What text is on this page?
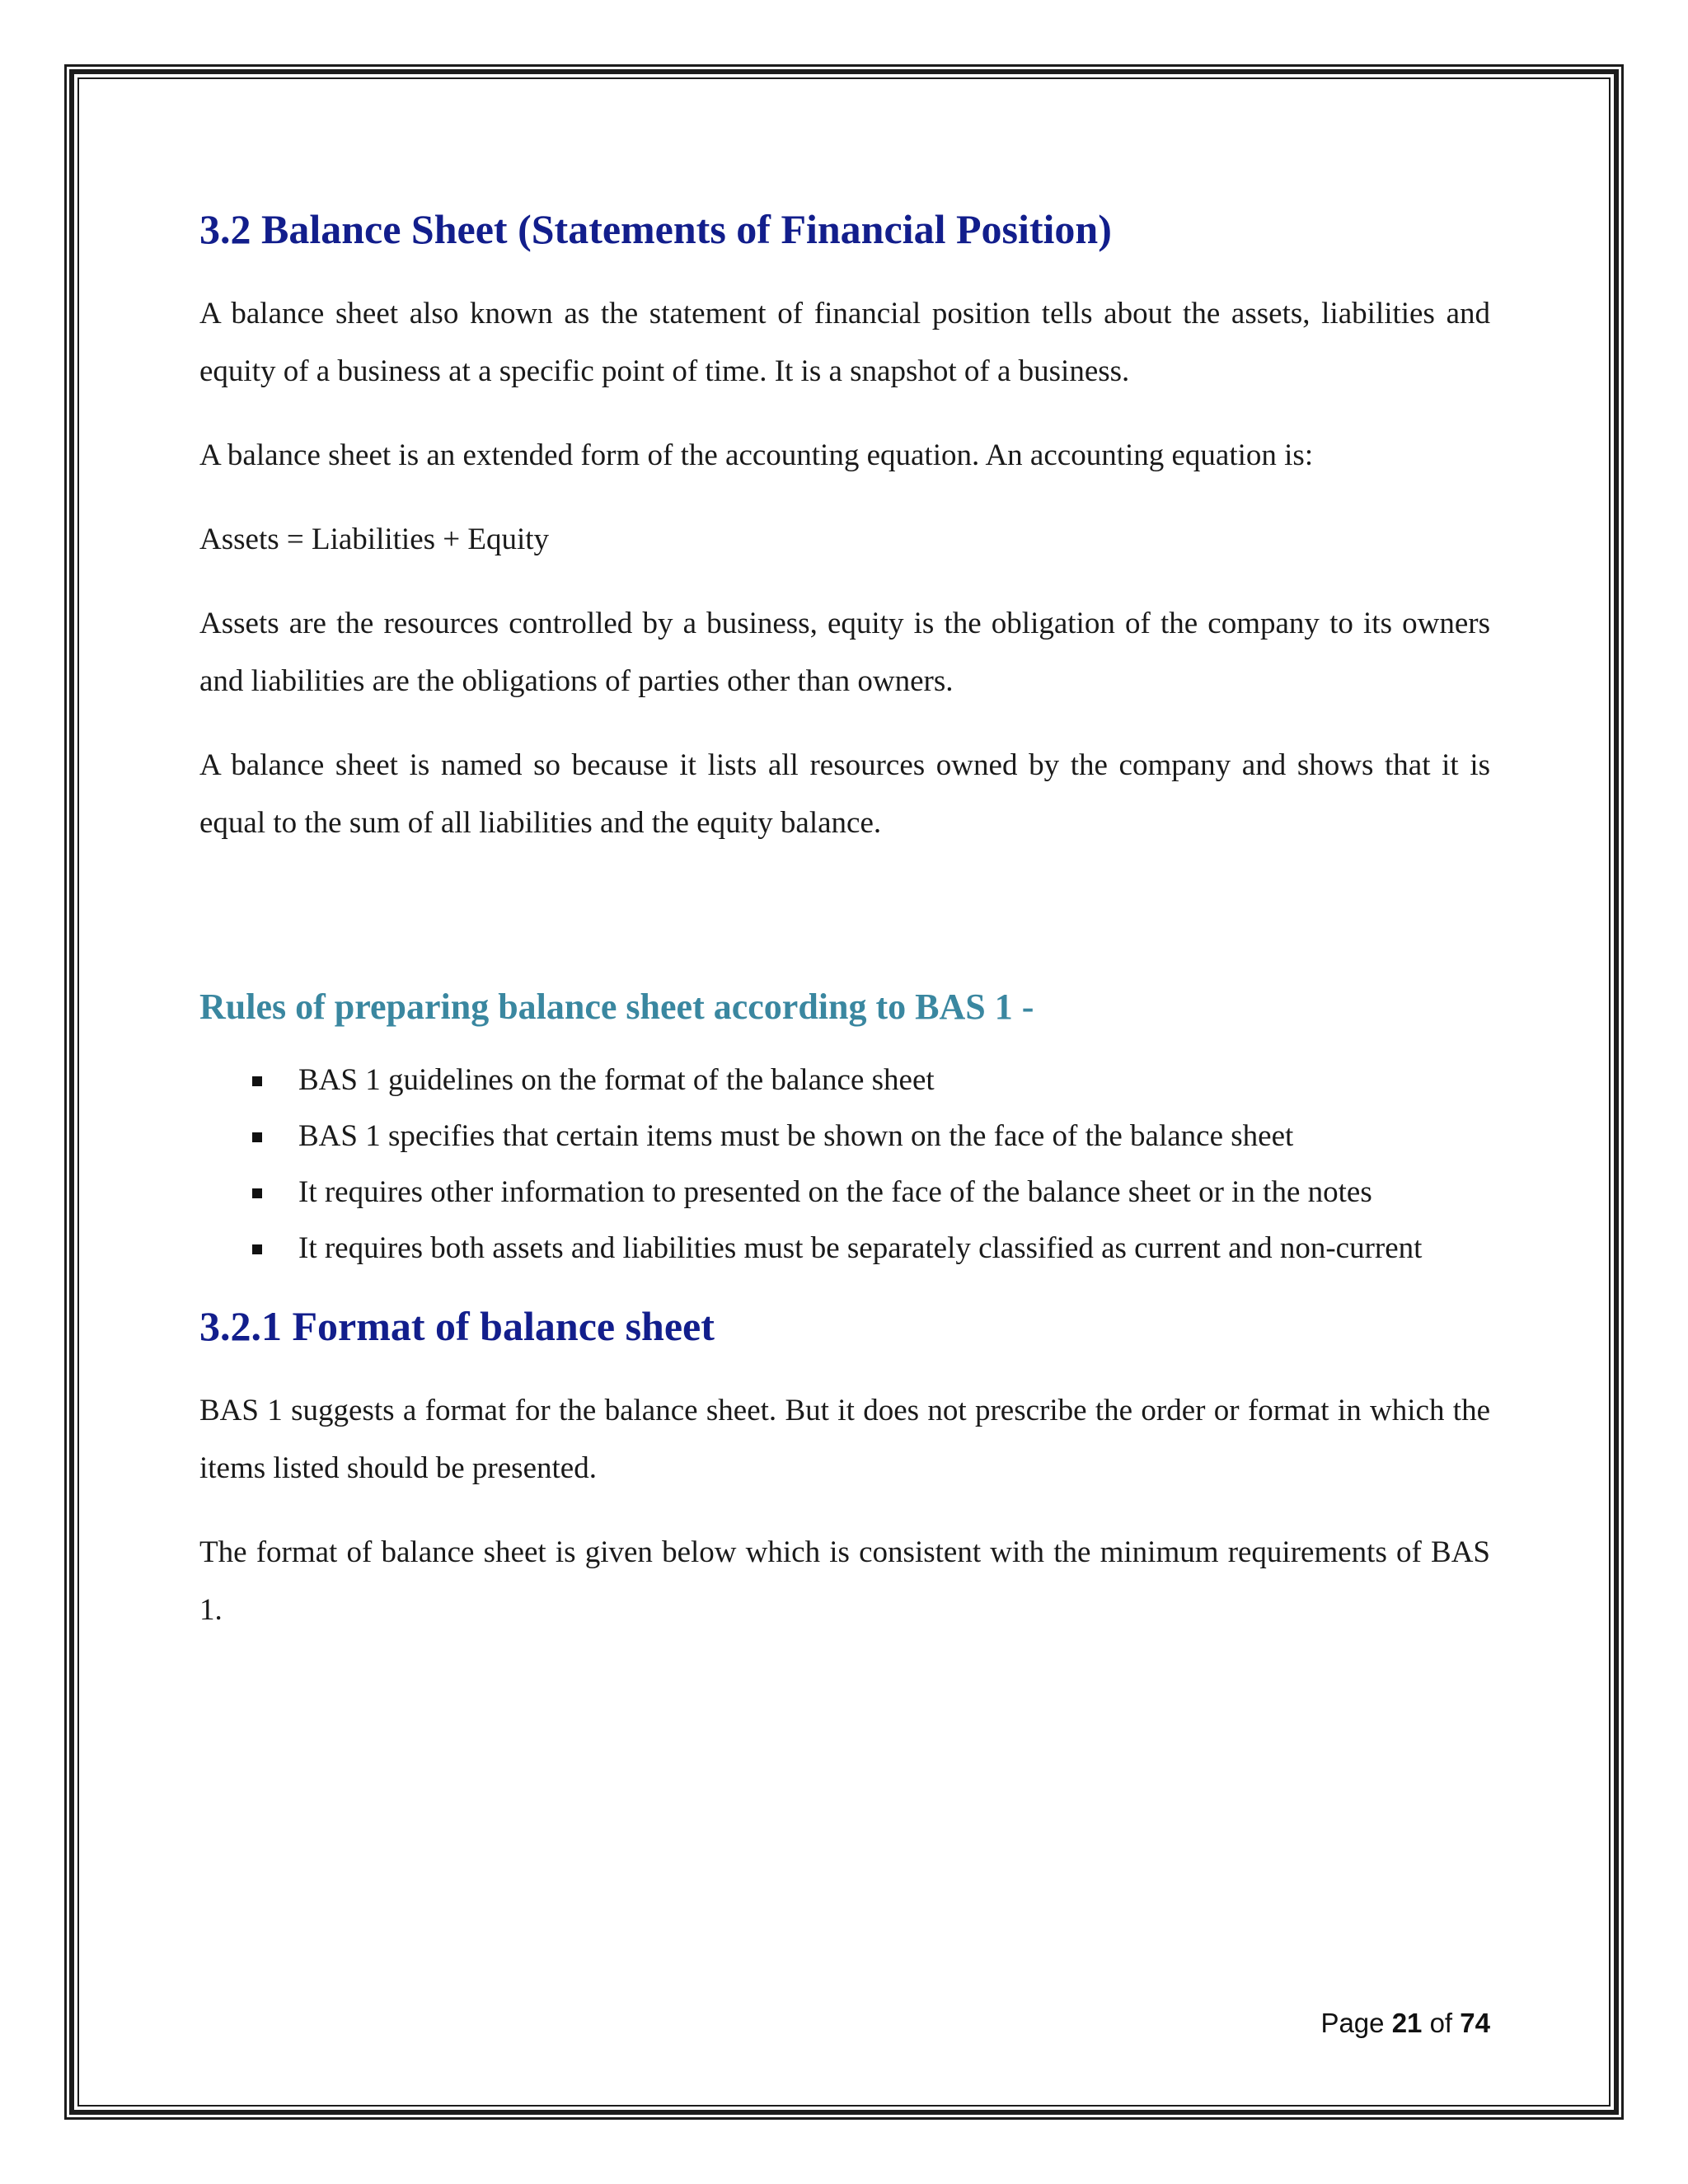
3.2 Balance Sheet (Statements of Financial Position)

A balance sheet also known as the statement of financial position tells about the assets, liabilities and equity of a business at a specific point of time. It is a snapshot of a business.

A balance sheet is an extended form of the accounting equation. An accounting equation is:

Assets = Liabilities + Equity

Assets are the resources controlled by a business, equity is the obligation of the company to its owners and liabilities are the obligations of parties other than owners.

A balance sheet is named so because it lists all resources owned by the company and shows that it is equal to the sum of all liabilities and the equity balance.

Rules of preparing balance sheet according to BAS 1 -
BAS 1 guidelines on the format of the balance sheet
BAS 1 specifies that certain items must be shown on the face of the balance sheet
It requires other information to presented on the face of the balance sheet or in the notes
It requires both assets and liabilities must be separately classified as current and non-current
3.2.1 Format of balance sheet

BAS 1 suggests a format for the balance sheet. But it does not prescribe the order or format in which the items listed should be presented.

The format of balance sheet is given below which is consistent with the minimum requirements of BAS 1.

Page 21 of 74
